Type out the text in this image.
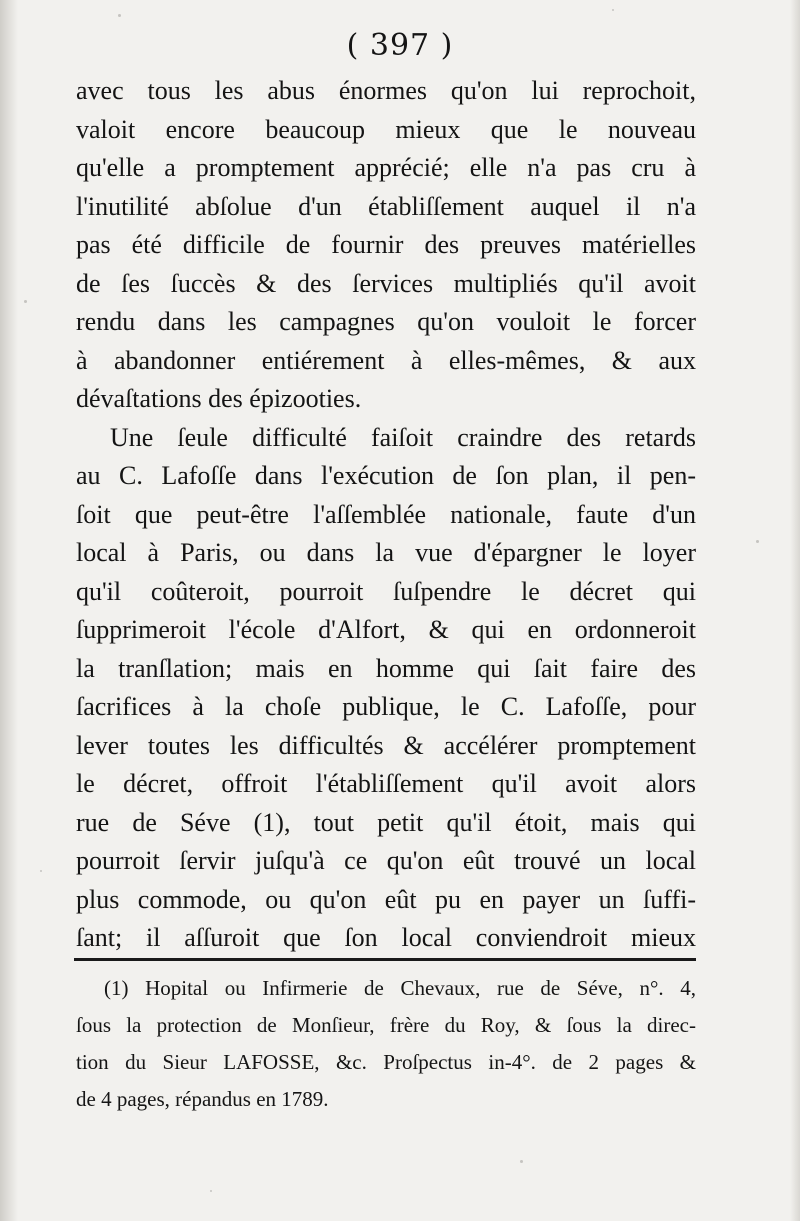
( 397 )
avec tous les abus énormes qu'on lui reprochoit,
valoit encore beaucoup mieux que le nouveau
qu'elle a promptement apprécié; elle n'a pas cru à
l'inutilité abſolue d'un établiſſement auquel il n'a
pas été difficile de fournir des preuves matérielles
de ſes ſuccès & des ſervices multipliés qu'il avoit
rendu dans les campagnes qu'on vouloit le forcer
à abandonner entiérement à elles-mêmes, & aux
dévaſtations des épizooties.
Une ſeule difficulté faiſoit craindre des retards
au C. Lafoſſe dans l'exécution de ſon plan, il pen-
ſoit que peut-être l'aſſemblée nationale, faute d'un
local à Paris, ou dans la vue d'épargner le loyer
qu'il coûteroit, pourroit ſuſpendre le décret qui
ſupprimeroit l'école d'Alfort, & qui en ordonneroit
la tranſlation; mais en homme qui ſait faire des
ſacrifices à la choſe publique, le C. Lafoſſe, pour
lever toutes les difficultés & accélérer promptement
le décret, offroit l'établiſſement qu'il avoit alors
rue de Séve (1), tout petit qu'il étoit, mais qui
pourroit ſervir juſqu'à ce qu'on eût trouvé un local
plus commode, ou qu'on eût pu en payer un ſuffi-
ſant; il aſſuroit que ſon local conviendroit mieux
(1) Hopital ou Infirmerie de Chevaux, rue de Séve, n°. 4,
ſous la protection de Monſieur, frère du Roy, & ſous la direc-
tion du Sieur LAFOSSE, &c. Proſpectus in-4°. de 2 pages &
de 4 pages, répandus en 1789.
